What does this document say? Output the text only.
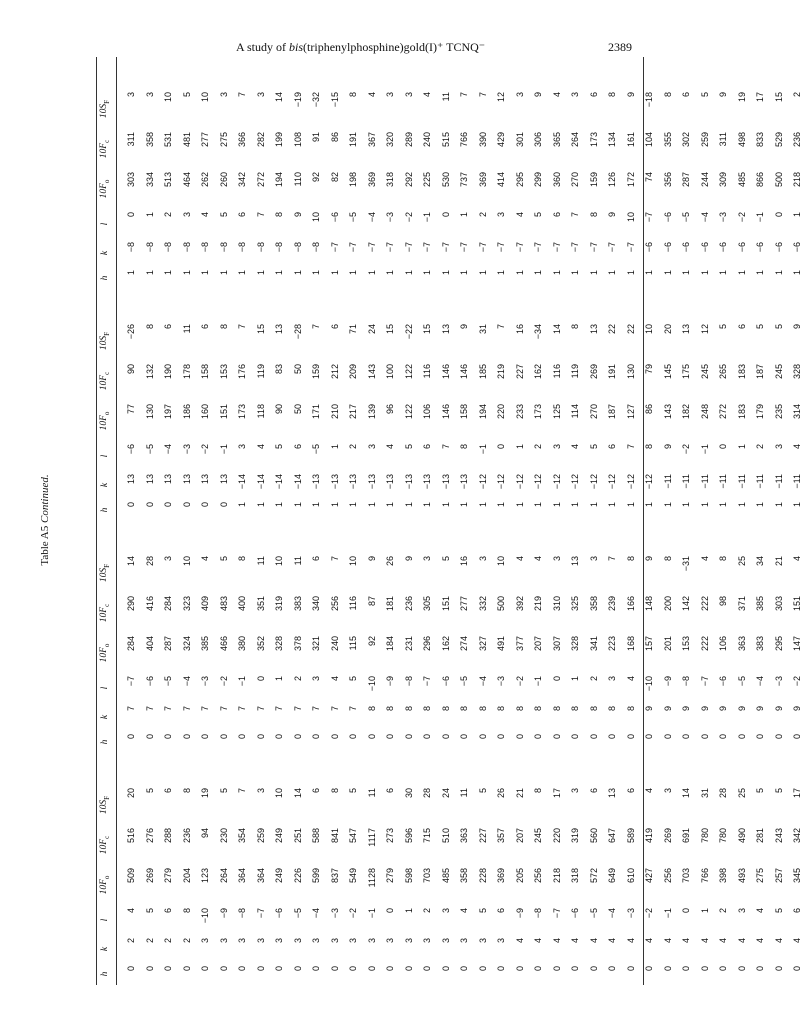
A study of bis(triphenylphosphine)gold(I)⁺ TCNQ⁻	2389
Table A5 Continued.
h
k
l
$10F_o$
$10F_c$
$10S_F$
0
2
4
509
516
20
0
2
5
269
276
5
0
2
6
279
288
6
0
2
8
204
236
8
0
3
−10
123
94
19
0
3
−9
264
230
5
0
3
−8
364
354
7
0
3
−7
364
259
3
0
3
−6
249
249
10
0
3
−5
226
251
14
0
3
−4
599
588
6
0
3
−3
837
841
8
0
3
−2
549
547
5
0
3
−1
1128
1117
11
0
3
0
279
273
6
0
3
1
598
596
30
0
3
2
703
715
28
0
3
3
485
510
24
0
3
4
358
363
11
0
3
5
228
227
5
0
3
6
369
357
26
0
4
−9
205
207
21
0
4
−8
256
245
8
0
4
−7
218
220
17
0
4
−6
318
319
3
0
4
−5
572
560
6
0
4
−4
649
647
13
0
4
−3
610
589
6
0
4
−2
427
419
4
0
4
−1
256
269
3
0
4
0
703
691
14
0
4
1
766
780
31
0
4
2
398
780
28
0
4
3
493
490
25
0
4
4
275
281
5
0
4
5
257
243
5
0
4
6
345
342
17
h
k
l
$10F_o$
$10F_c$
$10S_F$
0
7
−7
284
290
14
0
7
−6
404
416
28
0
7
−5
287
284
3
0
7
−4
324
323
10
0
7
−3
385
409
4
0
7
−2
466
483
5
0
7
−1
380
400
8
0
7
0
352
351
11
0
7
1
328
319
10
0
7
2
378
383
11
0
7
3
321
340
6
0
7
4
240
256
7
0
7
5
115
116
10
0
8
−10
92
87
9
0
8
−9
184
181
26
0
8
−8
231
236
9
0
8
−7
296
305
3
0
8
−6
162
151
5
0
8
−5
274
277
16
0
8
−4
327
332
3
0
8
−3
491
500
10
0
8
−2
377
392
4
0
8
−1
207
219
4
0
8
0
307
310
3
0
8
1
328
325
13
0
8
2
341
358
3
0
8
3
223
239
7
0
8
4
168
166
8
0
9
−10
157
148
9
0
9
−9
201
200
8
0
9
−8
153
142
−31
0
9
−7
222
222
4
0
9
−6
106
98
8
0
9
−5
363
371
25
0
9
−4
383
385
34
0
9
−3
295
303
21
0
9
−2
147
151
4
h
k
l
$10F_o$
$10F_c$
$10S_F$
0
13
−6
77
90
−26
0
13
−5
130
132
8
0
13
−4
197
190
6
0
13
−3
186
178
11
0
13
−2
160
158
6
0
13
−1
151
153
8
1
−14
3
173
176
7
1
−14
4
118
119
15
1
−14
5
90
83
13
1
−14
6
50
50
−28
1
−13
−5
171
159
7
1
−13
1
210
212
6
1
−13
2
217
209
71
1
−13
3
139
143
24
1
−13
4
96
100
15
1
−13
5
122
122
−22
1
−13
6
106
116
15
1
−13
7
146
146
13
1
−13
8
158
146
9
1
−12
−1
194
185
31
1
−12
0
220
219
7
1
−12
1
233
227
16
1
−12
2
173
162
−34
1
−12
3
125
116
14
1
−12
4
114
119
8
1
−12
5
270
269
13
1
−12
6
187
191
22
1
−12
7
127
130
22
1
−12
8
86
79
10
1
−11
9
143
145
20
1
−11
−2
182
175
13
1
−11
−1
248
245
12
1
−11
0
272
265
5
1
−11
1
183
183
6
1
−11
2
179
187
5
1
−11
3
235
245
5
1
−11
4
314
328
9
h
k
l
$10F_o$
$10F_c$
$10S_F$
1
−8
0
303
311
3
1
−8
1
334
358
3
1
−8
2
513
531
10
1
−8
3
464
481
5
1
−8
4
262
277
10
1
−8
5
260
275
3
1
−8
6
342
366
7
1
−8
7
272
282
3
1
−8
8
194
199
14
1
−8
9
110
108
−19
1
−8
10
92
91
−32
1
−7
−6
82
86
−15
1
−7
−5
198
191
8
1
−7
−4
369
367
4
1
−7
−3
318
320
3
1
−7
−2
292
289
3
1
−7
−1
225
240
4
1
−7
0
530
515
11
1
−7
1
737
766
7
1
−7
2
369
390
7
1
−7
3
414
429
12
1
−7
4
295
301
3
1
−7
5
299
306
9
1
−7
6
360
365
4
1
−7
7
270
264
3
1
−7
8
159
173
6
1
−7
9
126
134
8
1
−7
10
172
161
9
1
−6
−7
74
104
−18
1
−6
−6
356
355
8
1
−6
−5
287
302
6
1
−6
−4
244
259
5
1
−6
−3
309
311
9
1
−6
−2
485
498
19
1
−6
−1
866
833
17
1
−6
0
500
529
15
1
−6
1
218
236
2
